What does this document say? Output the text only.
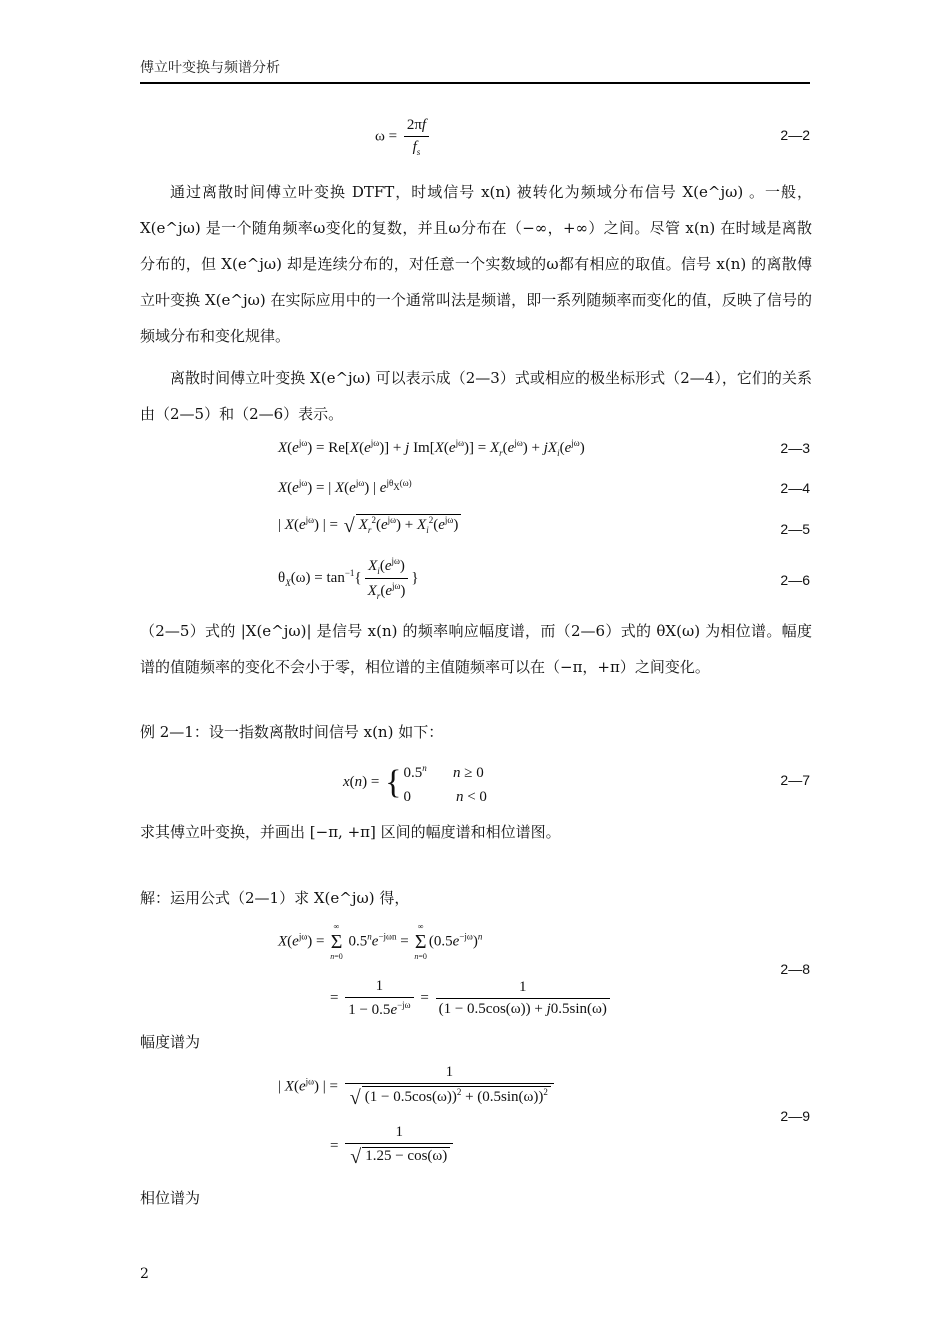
傅立叶变换与频谱分析
$\omega = \frac{2\pi f}{f_s}$	2—2
通过离散时间傅立叶变换 DTFT，时域信号 x(n) 被转化为频域分布信号 X(e^jω) 。一般，X(e^jω) 是一个随角频率ω变化的复数，并且ω分布在（−∞，+∞）之间。尽管 x(n) 在时域是离散分布的，但 X(e^jω) 却是连续分布的，对任意一个实数域的ω都有相应的取值。信号 x(n) 的离散傅立叶变换 X(e^jω) 在实际应用中的一个通常叫法是频谱，即一系列随频率而变化的值，反映了信号的频域分布和变化规律。
离散时间傅立叶变换 X(e^jω) 可以表示成（2—3）式或相应的极坐标形式（2—4），它们的关系由（2—5）和（2—6）表示。
$X(e^{j\omega}) = Re[X(e^{j\omega})] + j$ $Im[X(e^{j\omega})] = X_r(e^{j\omega}) + jX_i(e^{j\omega})$	2—3
$X(e^{j\omega})$ = | $X(e^{j\omega})$ | $e^{j\theta_X(\omega)}$	2—4
| $X(e^{j\omega})$ | = √ $X_r^2(e^{j\omega}) + X_i^2(e^{j\omega})$	2—5
$\theta_X(\omega) = \tan^{-1}\{ \frac{X_i(e^{j\omega})}{X_r(e^{j\omega})}$ }	2—6
（2—5）式的 |X(e^jω)| 是信号 x(n) 的频率响应幅度谱，而（2—6）式的 θX(ω) 为相位谱。幅度谱的值随频率的变化不会小于零，相位谱的主值随频率可以在（−π，+π）之间变化。
例 2—1：设一指数离散时间信号 x(n) 如下：
x(n) = { 0.5$^n$ n ≥ 0
0            n < 0
2—7
求其傅立叶变换，并画出 [−π, +π] 区间的幅度谱和相位谱图。
解：运用公式（2—1）求 X(e^jω) 得，
$X(e^{j\omega})$ =
∞
Σ
n=0
$0.5^ne^{-j\omega n}$ =
∞
Σ
n=0
$(0.5e^{-j\omega})^n$
= $\frac{1}{1 - 0.5e^{-j\omega}} = \frac{1}{(1 - 0.5\cos(\omega)) + j0.5\sin(\omega)}$
2—8
幅度谱为
| $X(e^{j\omega})$ | = $\frac{1}{√ (1 - 0.5\cos(\omega))^2 + (0.5\sin(\omega))^2}$
= $\frac{1}{√ 1.25 - \cos(\omega)}$
2—9
相位谱为
2
